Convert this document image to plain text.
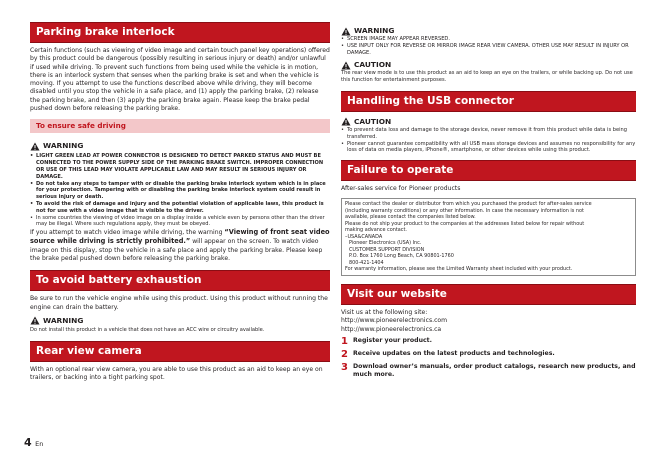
Parking brake interlock
Certain functions (such as viewing of video image and certain touch panel key operations) offered by this product could be dangerous (possibly resulting in serious injury or death) and/or unlawful if used while driving. To prevent such functions from being used while the vehicle is in motion, there is an interlock system that senses when the parking brake is set and when the vehicle is moving. If you attempt to use the functions described above while driving, they will become disabled until you stop the vehicle in a safe place, and (1) apply the parking brake, (2) release the parking brake, and then (3) apply the parking brake again. Please keep the brake pedal pushed down before releasing the parking brake.
To ensure safe driving
WARNING
• LIGHT GREEN LEAD AT POWER CONNECTOR IS DESIGNED TO DETECT PARKED STATUS AND MUST BE CONNECTED TO THE POWER SUPPLY SIDE OF THE PARKING BRAKE SWITCH. IMPROPER CONNECTION OR USE OF THIS LEAD MAY VIOLATE APPLICABLE LAW AND MAY RESULT IN SERIOUS INJURY OR DAMAGE.
• Do not take any steps to tamper with or disable the parking brake interlock system which is in place for your protection. Tampering with or disabling the parking brake interlock system could result in serious injury or death.
• To avoid the risk of damage and injury and the potential violation of applicable laws, this product is not for use with a video image that is visible to the driver.
• In some countries the viewing of video image on a display inside a vehicle even by persons other than the driver may be illegal. Where such regulations apply, they must be obeyed.
If you attempt to watch video image while driving, the warning “Viewing of front seat video source while driving is strictly prohibited.” will appear on the screen. To watch video image on this display, stop the vehicle in a safe place and apply the parking brake. Please keep the brake pedal pushed down before releasing the parking brake.
To avoid battery exhaustion
Be sure to run the vehicle engine while using this product. Using this product without running the engine can drain the battery.
WARNING
Do not install this product in a vehicle that does not have an ACC wire or circuitry available.
Rear view camera
With an optional rear view camera, you are able to use this product as an aid to keep an eye on trailers, or backing into a tight parking spot.
4 En
WARNING
• SCREEN IMAGE MAY APPEAR REVERSED.
• USE INPUT ONLY FOR REVERSE OR MIRROR IMAGE REAR VIEW CAMERA. OTHER USE MAY RESULT IN INJURY OR DAMAGE.
CAUTION
The rear view mode is to use this product as an aid to keep an eye on the trailers, or while backing up. Do not use this function for entertainment purposes.
Handling the USB connector
CAUTION
• To prevent data loss and damage to the storage device, never remove it from this product while data is being transferred.
• Pioneer cannot guarantee compatibility with all USB mass storage devices and assumes no responsibility for any loss of data on media players, iPhone®, smartphone, or other devices while using this product.
Failure to operate
After-sales service for Pioneer products
Please contact the dealer or distributor from which you purchased the product for after-sales service
(including warranty conditions) or any other information. In case the necessary information is not
available, please contact the companies listed below.
Please do not ship your product to the companies at the addresses listed below for repair without
making advance contact.
–USA&CANADA
Pioneer Electronics (USA) Inc.
CUSTOMER SUPPORT DIVISION
P.O. Box 1760 Long Beach, CA 90801-1760
800-421-1404
For warranty information, please see the Limited Warranty sheet included with your product.
Visit our website
Visit us at the following site:
http://www.pioneerelectronics.com
http://www.pioneerelectronics.ca
1 Register your product.
2 Receive updates on the latest products and technologies.
3 Download owner’s manuals, order product catalogs, research new products, and much more.
